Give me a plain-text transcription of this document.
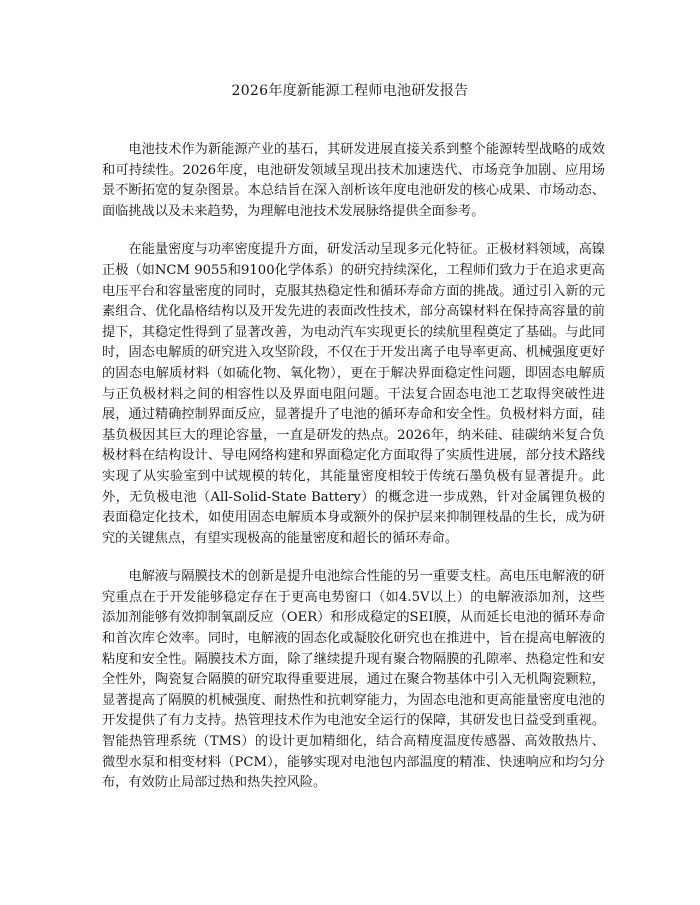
2026年度新能源工程师电池研发报告

电池技术作为新能源产业的基石，其研发进展直接关系到整个能源转型战略的成效和可持续性。2026年度，电池研发领域呈现出技术加速迭代、市场竞争加剧、应用场景不断拓宽的复杂图景。本总结旨在深入剖析该年度电池研发的核心成果、市场动态、面临挑战以及未来趋势，为理解电池技术发展脉络提供全面参考。

在能量密度与功率密度提升方面，研发活动呈现多元化特征。正极材料领域，高镍正极（如NCM 9055和9100化学体系）的研究持续深化，工程师们致力于在追求更高电压平台和容量密度的同时，克服其热稳定性和循环寿命方面的挑战。通过引入新的元素组合、优化晶格结构以及开发先进的表面改性技术，部分高镍材料在保持高容量的前提下，其稳定性得到了显著改善，为电动汽车实现更长的续航里程奠定了基础。与此同时，固态电解质的研究进入攻坚阶段，不仅在于开发出离子电导率更高、机械强度更好的固态电解质材料（如硫化物、氧化物），更在于解决界面稳定性问题，即固态电解质与正负极材料之间的相容性以及界面电阻问题。干法复合固态电池工艺取得突破性进展，通过精确控制界面反应，显著提升了电池的循环寿命和安全性。负极材料方面，硅基负极因其巨大的理论容量，一直是研发的热点。2026年，纳米硅、硅碳纳米复合负极材料在结构设计、导电网络构建和界面稳定化方面取得了实质性进展，部分技术路线实现了从实验室到中试规模的转化，其能量密度相较于传统石墨负极有显著提升。此外，无负极电池（All-Solid-State Battery）的概念进一步成熟，针对金属锂负极的表面稳定化技术，如使用固态电解质本身或额外的保护层来抑制锂枝晶的生长，成为研究的关键焦点，有望实现极高的能量密度和超长的循环寿命。

电解液与隔膜技术的创新是提升电池综合性能的另一重要支柱。高电压电解液的研究重点在于开发能够稳定存在于更高电势窗口（如4.5V以上）的电解液添加剂，这些添加剂能够有效抑制氧副反应（OER）和形成稳定的SEI膜，从而延长电池的循环寿命和首次库仑效率。同时，电解液的固态化或凝胶化研究也在推进中，旨在提高电解液的粘度和安全性。隔膜技术方面，除了继续提升现有聚合物隔膜的孔隙率、热稳定性和安全性外，陶瓷复合隔膜的研究取得重要进展，通过在聚合物基体中引入无机陶瓷颗粒，显著提高了隔膜的机械强度、耐热性和抗刺穿能力，为固态电池和更高能量密度电池的开发提供了有力支持。热管理技术作为电池安全运行的保障，其研发也日益受到重视。智能热管理系统（TMS）的设计更加精细化，结合高精度温度传感器、高效散热片、微型水泵和相变材料（PCM），能够实现对电池包内部温度的精准、快速响应和均匀分布，有效防止局部过热和热失控风险。
